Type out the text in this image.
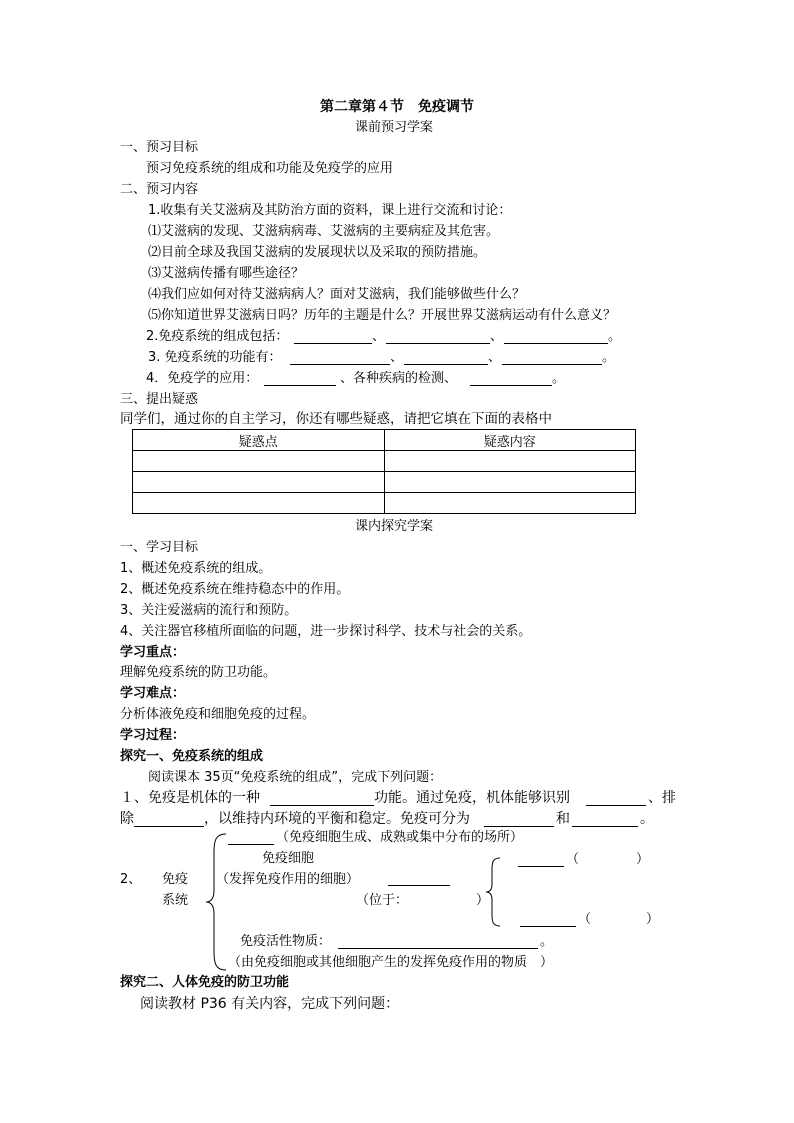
第二章第４节　免疫调节
课前预习学案
一、预习目标
预习免疫系统的组成和功能及免疫学的应用
二、预习内容
1.收集有关艾滋病及其防治方面的资料，课上进行交流和讨论：
⑴艾滋病的发现、艾滋病病毒、艾滋病的主要病症及其危害。
⑵目前全球及我国艾滋病的发展现状以及采取的预防措施。
⑶艾滋病传播有哪些途径？
⑷我们应如何对待艾滋病病人？面对艾滋病，我们能够做些什么？
⑸你知道世界艾滋病日吗？历年的主题是什么？开展世界艾滋病运动有什么意义？
2.免疫系统的组成包括：	、	、	。
3. 免疫系统的功能有：	、	、	。
4．免疫学的应用：	、各种疾病的检测、	。
三、提出疑惑
同学们，通过你的自主学习，你还有哪些疑惑，请把它填在下面的表格中
疑惑点	疑惑内容

课内探究学案
一、学习目标
1、概述免疫系统的组成。
2、概述免疫系统在维持稳态中的作用。
3、关注爱滋病的流行和预防。
4、关注器官移植所面临的问题，进一步探讨科学、技术与社会的关系。
学习重点：
理解免疫系统的防卫功能。
学习难点：
分析体液免疫和细胞免疫的过程。
学习过程：
探究一、免疫系统的组成
阅读课本 35页“免疫系统的组成”，完成下列问题：
１、免疫是机体的一种	功能。通过免疫，机体能够识别	、排
除	，以维持内环境的平衡和稳定。免疫可分为	和	。
2、 免疫
系统
（免疫细胞生成、成熟或集中分布的场所）
免疫细胞
（发挥免疫作用的细胞）
（位于：	）
（	）
（	）
免疫活性物质：	。
（由免疫细胞或其他细胞产生的发挥免疫作用的物质　）
探究二、人体免疫的防卫功能
阅读教材 P36 有关内容，完成下列问题：
